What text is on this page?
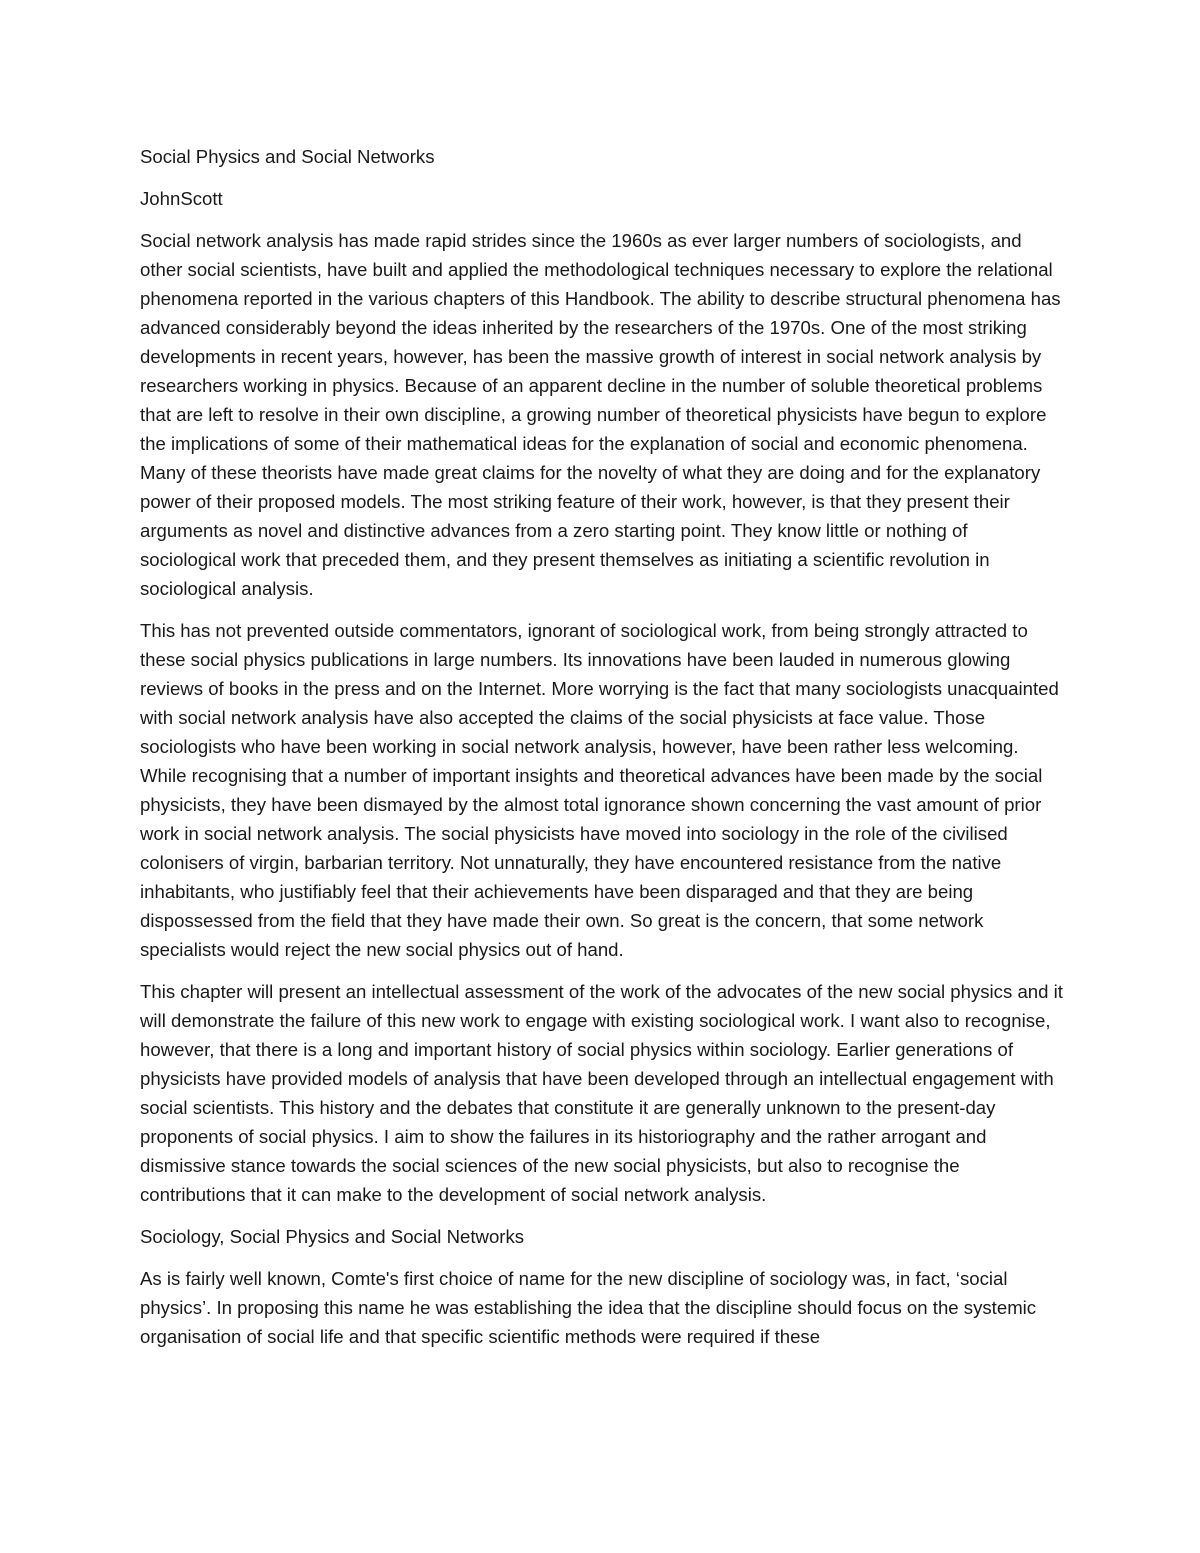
Social Physics and Social Networks

JohnScott

Social network analysis has made rapid strides since the 1960s as ever larger numbers of sociologists, and other social scientists, have built and applied the methodological techniques necessary to explore the relational phenomena reported in the various chapters of this Handbook. The ability to describe structural phenomena has advanced considerably beyond the ideas inherited by the researchers of the 1970s. One of the most striking developments in recent years, however, has been the massive growth of interest in social network analysis by researchers working in physics. Because of an apparent decline in the number of soluble theoretical problems that are left to resolve in their own discipline, a growing number of theoretical physicists have begun to explore the implications of some of their mathematical ideas for the explanation of social and economic phenomena. Many of these theorists have made great claims for the novelty of what they are doing and for the explanatory power of their proposed models. The most striking feature of their work, however, is that they present their arguments as novel and distinctive advances from a zero starting point. They know little or nothing of sociological work that preceded them, and they present themselves as initiating a scientific revolution in sociological analysis.

This has not prevented outside commentators, ignorant of sociological work, from being strongly attracted to these social physics publications in large numbers. Its innovations have been lauded in numerous glowing reviews of books in the press and on the Internet. More worrying is the fact that many sociologists unacquainted with social network analysis have also accepted the claims of the social physicists at face value. Those sociologists who have been working in social network analysis, however, have been rather less welcoming. While recognising that a number of important insights and theoretical advances have been made by the social physicists, they have been dismayed by the almost total ignorance shown concerning the vast amount of prior work in social network analysis. The social physicists have moved into sociology in the role of the civilised colonisers of virgin, barbarian territory. Not unnaturally, they have encountered resistance from the native inhabitants, who justifiably feel that their achievements have been disparaged and that they are being dispossessed from the field that they have made their own. So great is the concern, that some network specialists would reject the new social physics out of hand.

This chapter will present an intellectual assessment of the work of the advocates of the new social physics and it will demonstrate the failure of this new work to engage with existing sociological work. I want also to recognise, however, that there is a long and important history of social physics within sociology. Earlier generations of physicists have provided models of analysis that have been developed through an intellectual engagement with social scientists. This history and the debates that constitute it are generally unknown to the present-day proponents of social physics. I aim to show the failures in its historiography and the rather arrogant and dismissive stance towards the social sciences of the new social physicists, but also to recognise the contributions that it can make to the development of social network analysis.

Sociology, Social Physics and Social Networks

As is fairly well known, Comte's first choice of name for the new discipline of sociology was, in fact, ‘social physics’. In proposing this name he was establishing the idea that the discipline should focus on the systemic organisation of social life and that specific scientific methods were required if these
